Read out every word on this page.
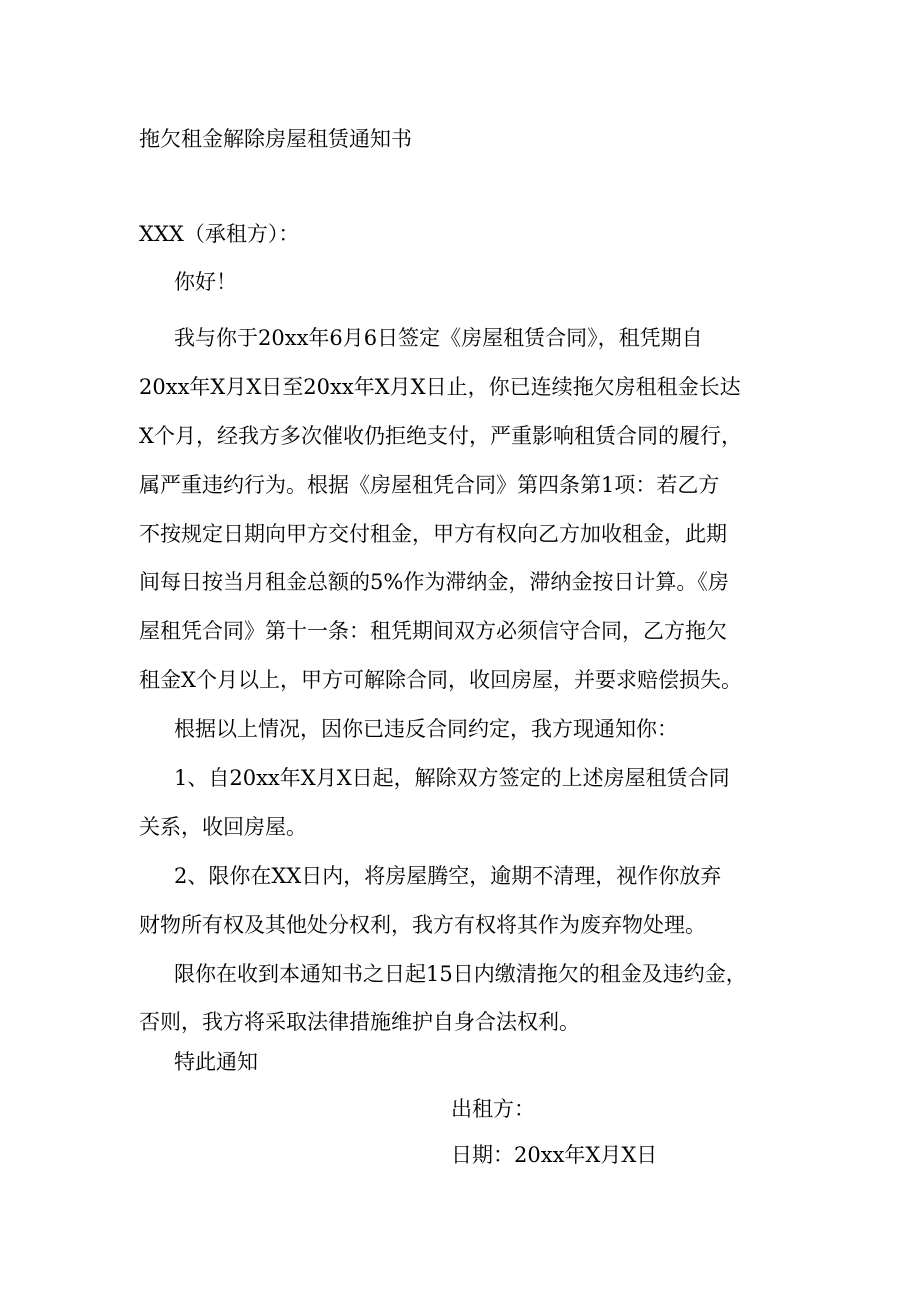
拖欠租金解除房屋租赁通知书
XXX（承租方）：
你好！
我与你于20xx年6月6日签定《房屋租赁合同》，租凭期自
20xx年X月X日至20xx年X月X日止，你已连续拖欠房租租金长达
X个月，经我方多次催收仍拒绝支付，严重影响租赁合同的履行，
属严重违约行为。根据《房屋租凭合同》第四条第1项：若乙方
不按规定日期向甲方交付租金，甲方有权向乙方加收租金，此期
间每日按当月租金总额的5%作为滞纳金，滞纳金按日计算。《房
屋租凭合同》第十一条：租凭期间双方必须信守合同，乙方拖欠
租金X个月以上，甲方可解除合同，收回房屋，并要求赔偿损失。
根据以上情况，因你已违反合同约定，我方现通知你：
1、自20xx年X月X日起，解除双方签定的上述房屋租赁合同
关系，收回房屋。
2、限你在XX日内，将房屋腾空，逾期不清理，视作你放弃
财物所有权及其他处分权利，我方有权将其作为废弃物处理。
限你在收到本通知书之日起15日内缴清拖欠的租金及违约金，
否则，我方将采取法律措施维护自身合法权利。
特此通知
出租方：
日期：20xx年X月X日
